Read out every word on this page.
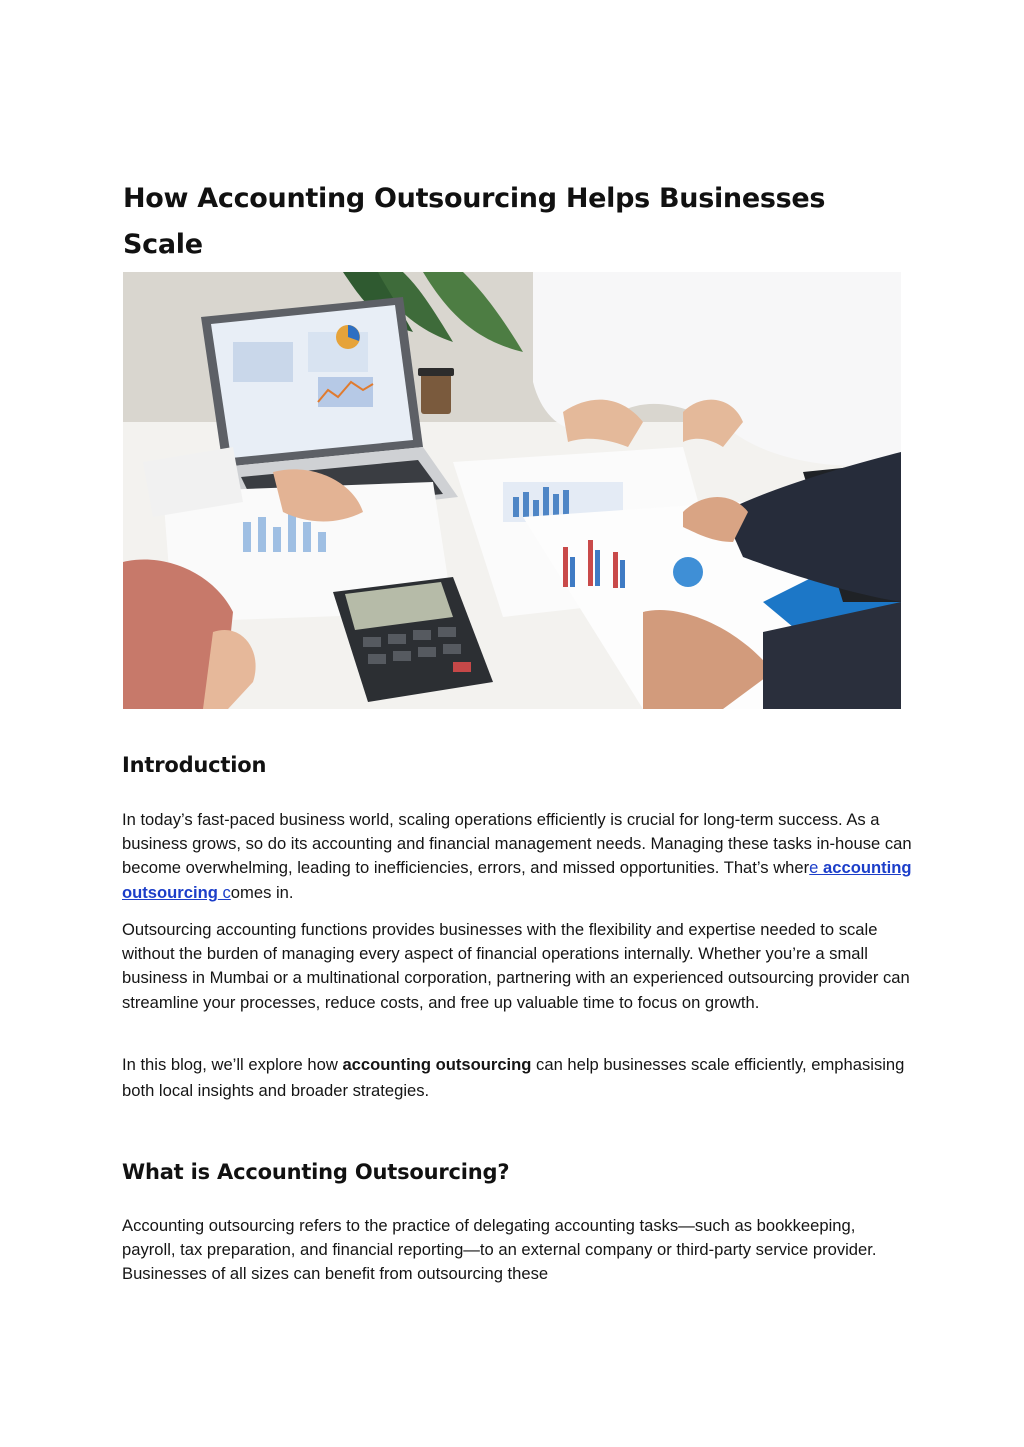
How Accounting Outsourcing Helps Businesses Scale

Introduction

In today’s fast-paced business world, scaling operations efficiently is crucial for long-term success. As a business grows, so do its accounting and financial management needs. Managing these tasks in-house can become overwhelming, leading to inefficiencies, errors, and missed opportunities. That’s where accounting outsourcing comes in.

Outsourcing accounting functions provides businesses with the flexibility and expertise needed to scale without the burden of managing every aspect of financial operations internally. Whether you’re a small business in Mumbai or a multinational corporation, partnering with an experienced outsourcing provider can streamline your processes, reduce costs, and free up valuable time to focus on growth.

In this blog, we’ll explore how accounting outsourcing can help businesses scale efficiently, emphasising both local insights and broader strategies.

What is Accounting Outsourcing?

Accounting outsourcing refers to the practice of delegating accounting tasks—such as bookkeeping, payroll, tax preparation, and financial reporting—to an external company or third-party service provider. Businesses of all sizes can benefit from outsourcing these
